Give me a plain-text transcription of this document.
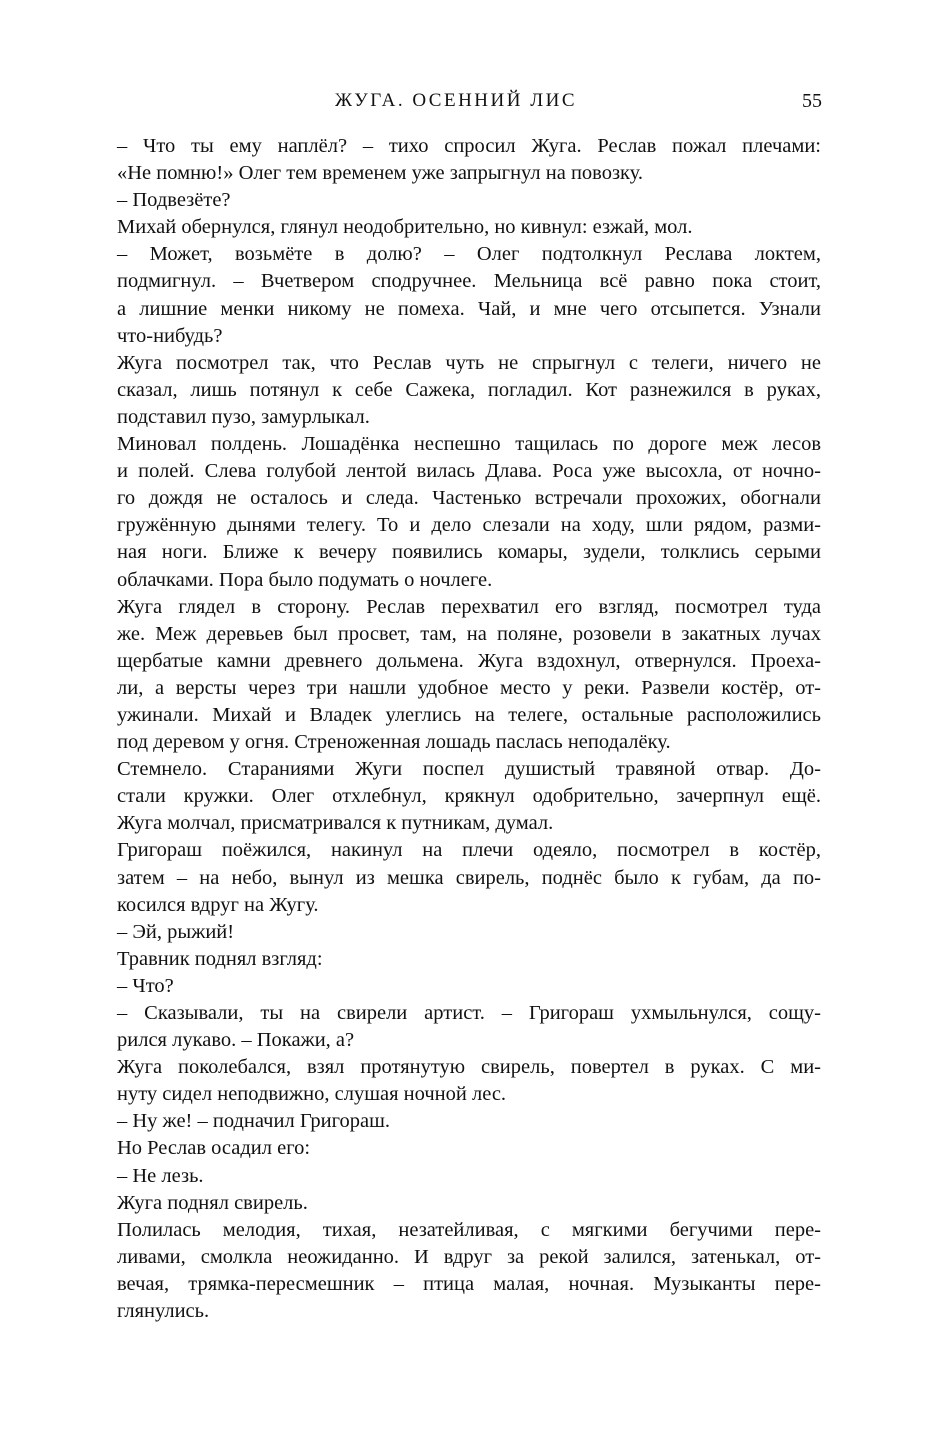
ЖУГА. ОСЕННИЙ ЛИС	55
– Что ты ему наплёл? – тихо спросил Жуга. Реслав пожал плечами:
«Не помню!» Олег тем временем уже запрыгнул на повозку.
– Подвезёте?
Михай обернулся, глянул неодобрительно, но кивнул: езжай, мол.
– Может, возьмёте в долю? – Олег подтолкнул Реслава локтем,
подмигнул. – Вчетвером сподручнее. Мельница всё равно пока стоит,
а лишние менки никому не помеха. Чай, и мне чего отсыпется. Узнали
что-нибудь?
Жуга посмотрел так, что Реслав чуть не спрыгнул с телеги, ничего не
сказал, лишь потянул к себе Сажека, погладил. Кот разнежился в руках,
подставил пузо, замурлыкал.
Миновал полдень. Лошадёнка неспешно тащилась по дороге меж лесов
и полей. Слева голубой лентой вилась Длава. Роса уже высохла, от ночно-
го дождя не осталось и следа. Частенько встречали прохожих, обогнали
гружённую дынями телегу. То и дело слезали на ходу, шли рядом, разми-
ная ноги. Ближе к вечеру появились комары, зудели, толклись серыми
облачками. Пора было подумать о ночлеге.
Жуга глядел в сторону. Реслав перехватил его взгляд, посмотрел туда
же. Меж деревьев был просвет, там, на поляне, розовели в закатных лучах
щербатые камни древнего дольмена. Жуга вздохнул, отвернулся. Проеха-
ли, а версты через три нашли удобное место у реки. Развели костёр, от-
ужинали. Михай и Владек улеглись на телеге, остальные расположились
под деревом у огня. Стреноженная лошадь паслась неподалёку.
Стемнело. Стараниями Жуги поспел душистый травяной отвар. До-
стали кружки. Олег отхлебнул, крякнул одобрительно, зачерпнул ещё.
Жуга молчал, присматривался к путникам, думал.
Григораш поёжился, накинул на плечи одеяло, посмотрел в костёр,
затем – на небо, вынул из мешка свирель, поднёс было к губам, да по-
косился вдруг на Жугу.
– Эй, рыжий!
Травник поднял взгляд:
– Что?
– Сказывали, ты на свирели артист. – Григораш ухмыльнулся, сощу-
рился лукаво. – Покажи, а?
Жуга поколебался, взял протянутую свирель, повертел в руках. С ми-
нуту сидел неподвижно, слушая ночной лес.
– Ну же! – подначил Григораш.
Но Реслав осадил его:
– Не лезь.
Жуга поднял свирель.
Полилась мелодия, тихая, незатейливая, с мягкими бегучими пере-
ливами, смолкла неожиданно. И вдруг за рекой залился, затенькал, от-
вечая, трямка-пересмешник – птица малая, ночная. Музыканты пере-
глянулись.
